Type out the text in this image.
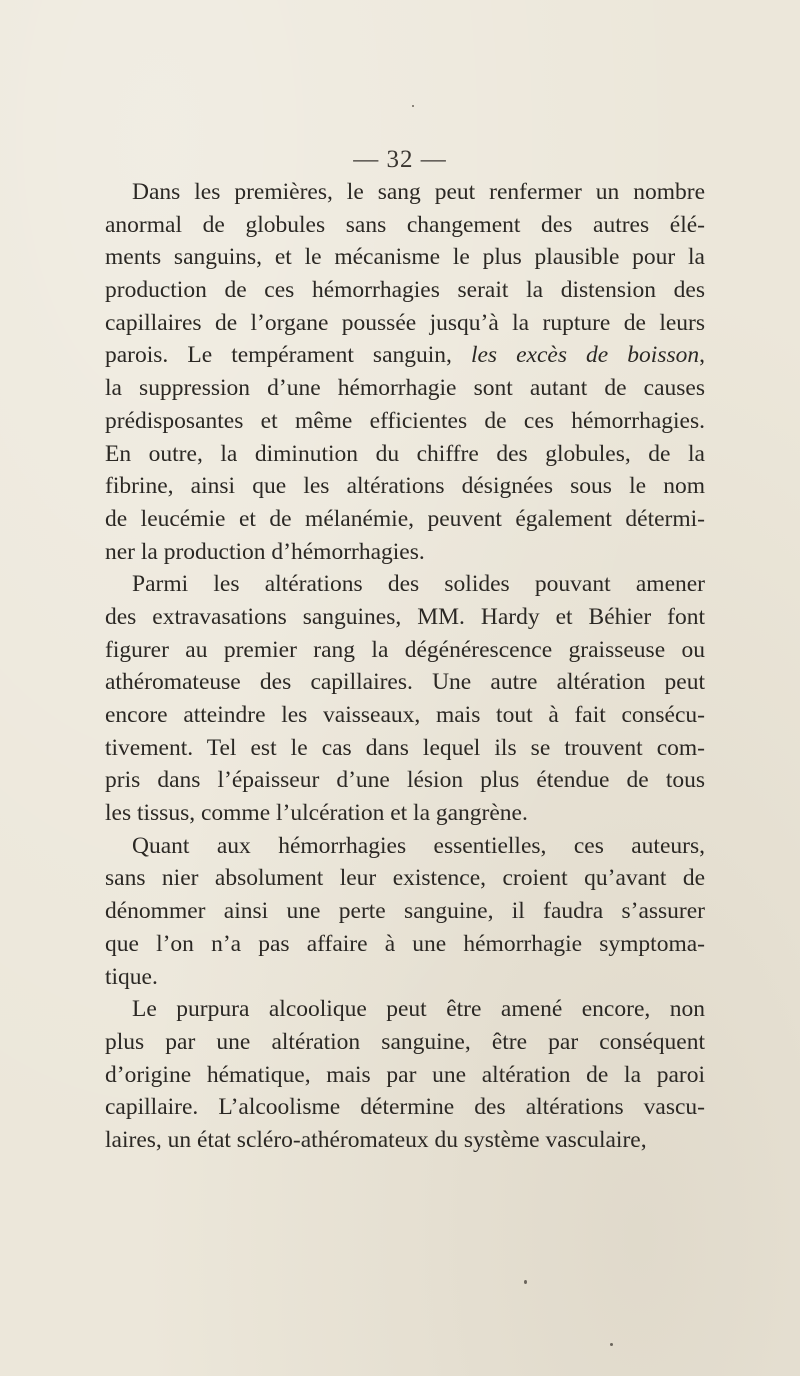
— 32 —
Dans les premières, le sang peut renfermer un nombre
anormal de globules sans changement des autres élé-
ments sanguins, et le mécanisme le plus plausible pour la
production de ces hémorrhagies serait la distension des
capillaires de l’organe poussée jusqu’à la rupture de leurs
parois. Le tempérament sanguin, les excès de boisson,
la suppression d’une hémorrhagie sont autant de causes
prédisposantes et même efficientes de ces hémorrhagies.
En outre, la diminution du chiffre des globules, de la
fibrine, ainsi que les altérations désignées sous le nom
de leucémie et de mélanémie, peuvent également détermi-
ner la production d’hémorrhagies.
Parmi les altérations des solides pouvant amener
des extravasations sanguines, MM. Hardy et Béhier font
figurer au premier rang la dégénérescence graisseuse ou
athéromateuse des capillaires. Une autre altération peut
encore atteindre les vaisseaux, mais tout à fait consécu-
tivement. Tel est le cas dans lequel ils se trouvent com-
pris dans l’épaisseur d’une lésion plus étendue de tous
les tissus, comme l’ulcération et la gangrène.
Quant aux hémorrhagies essentielles, ces auteurs,
sans nier absolument leur existence, croient qu’avant de
dénommer ainsi une perte sanguine, il faudra s’assurer
que l’on n’a pas affaire à une hémorrhagie symptoma-
tique.
Le purpura alcoolique peut être amené encore, non
plus par une altération sanguine, être par conséquent
d’origine hématique, mais par une altération de la paroi
capillaire. L’alcoolisme détermine des altérations vascu-
laires, un état scléro-athéromateux du système vasculaire,
